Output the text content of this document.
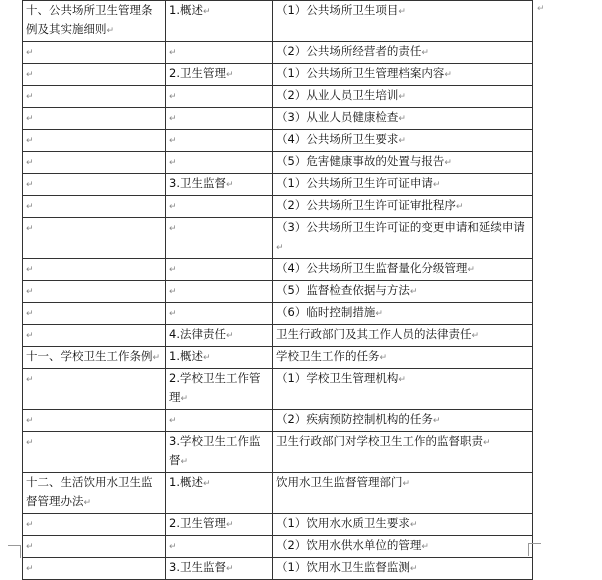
十、公共场所卫生管理条例及其实施细则↵	1.概述↵	（1）公共场所卫生项目↵
↵	↵	（2）公共场所经营者的责任↵
↵	2.卫生管理↵	（1）公共场所卫生管理档案内容↵
↵	↵	（2）从业人员卫生培训↵
↵	↵	（3）从业人员健康检查↵
↵	↵	（4）公共场所卫生要求↵
↵	↵	（5）危害健康事故的处置与报告↵
↵	3.卫生监督↵	（1）公共场所卫生许可证申请↵
↵	↵	（2）公共场所卫生许可证审批程序↵
↵	↵	（3）公共场所卫生许可证的变更申请和延续申请↵
↵	↵	（4）公共场所卫生监督量化分级管理↵
↵	↵	（5）监督检查依据与方法↵
↵	↵	（6）临时控制措施↵
↵	4.法律责任↵	卫生行政部门及其工作人员的法律责任↵
十一、学校卫生工作条例↵	1.概述↵	学校卫生工作的任务↵
↵	2.学校卫生工作管理↵	（1）学校卫生管理机构↵
↵	↵	（2）疾病预防控制机构的任务↵
↵	3.学校卫生工作监督↵	卫生行政部门对学校卫生工作的监督职责↵
十二、生活饮用水卫生监督管理办法↵	1.概述↵	饮用水卫生监督管理部门↵
↵	2.卫生管理↵	（1）饮用水水质卫生要求↵
↵	↵	（2）饮用水供水单位的管理↵
↵	3.卫生监督↵	（1）饮用水卫生监督监测↵
↵
